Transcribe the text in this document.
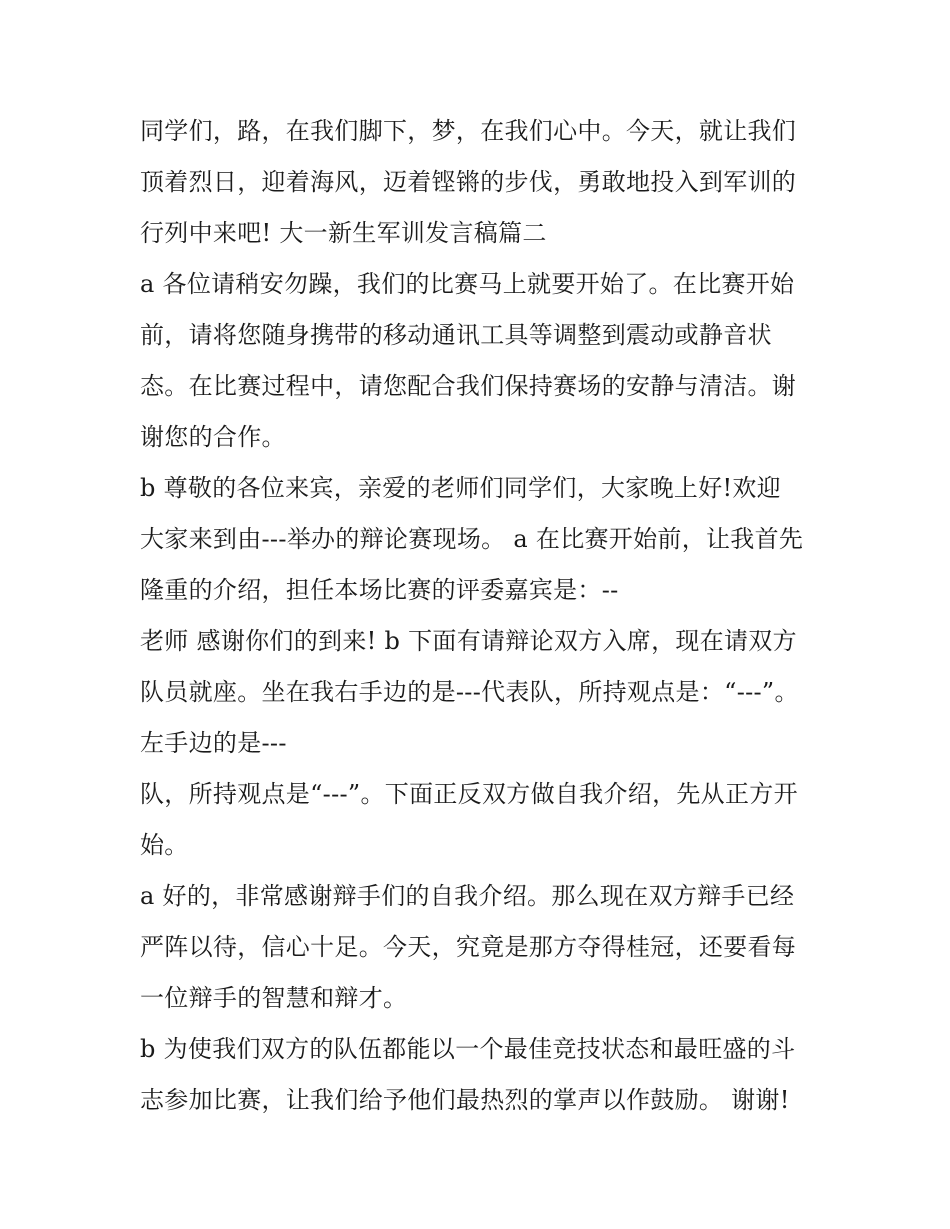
同学们，路，在我们脚下，梦，在我们心中。今天，就让我们
顶着烈日，迎着海风，迈着铿锵的步伐，勇敢地投入到军训的
行列中来吧! 大一新生军训发言稿篇二
a 各位请稍安勿躁，我们的比赛马上就要开始了。在比赛开始
前，请将您随身携带的移动通讯工具等调整到震动或静音状
态。在比赛过程中，请您配合我们保持赛场的安静与清洁。谢
谢您的合作。
b 尊敬的各位来宾，亲爱的老师们同学们，大家晚上好!欢迎
大家来到由---举办的辩论赛现场。 a 在比赛开始前，让我首先
隆重的介绍，担任本场比赛的评委嘉宾是：--
老师 感谢你们的到来! b 下面有请辩论双方入席，现在请双方
队员就座。坐在我右手边的是---代表队，所持观点是：“---”。
左手边的是---
队，所持观点是“---”。下面正反双方做自我介绍，先从正方开
始。
a 好的，非常感谢辩手们的自我介绍。那么现在双方辩手已经
严阵以待，信心十足。今天，究竟是那方夺得桂冠，还要看每
一位辩手的智慧和辩才。
b 为使我们双方的队伍都能以一个最佳竞技状态和最旺盛的斗
志参加比赛，让我们给予他们最热烈的掌声以作鼓励。 谢谢!
